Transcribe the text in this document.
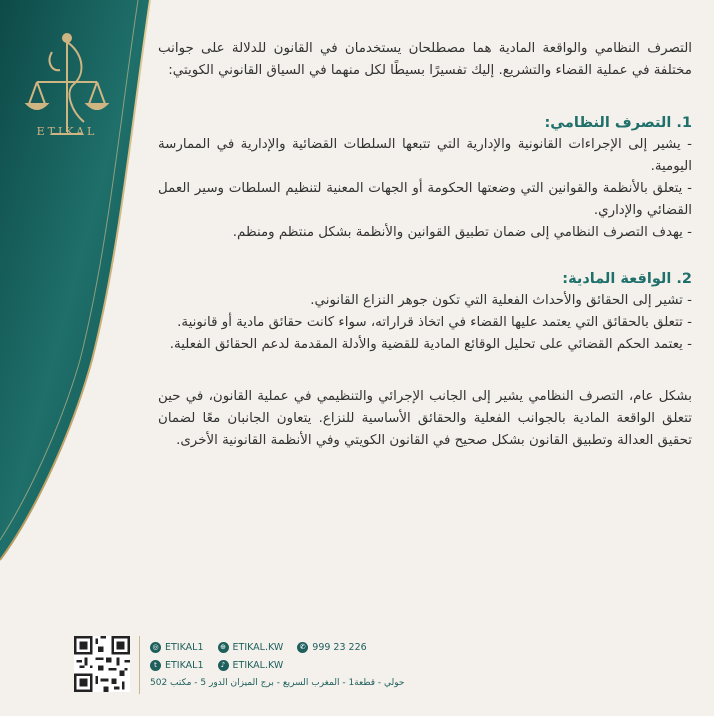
ETIKAL

التصرف النظامي والواقعة المادية هما مصطلحان يستخدمان في القانون للدلالة على جوانب مختلفة في عملية القضاء والتشريع. إليك تفسيرًا بسيطًا لكل منهما في السياق القانوني الكويتي:

1. التصرف النظامي:

- يشير إلى الإجراءات القانونية والإدارية التي تتبعها السلطات القضائية والإدارية في الممارسة اليومية.

- يتعلق بالأنظمة والقوانين التي وضعتها الحكومة أو الجهات المعنية لتنظيم السلطات وسير العمل القضائي والإداري.

- يهدف التصرف النظامي إلى ضمان تطبيق القوانين والأنظمة بشكل منتظم ومنظم.

2. الواقعة المادية:

- تشير إلى الحقائق والأحداث الفعلية التي تكون جوهر النزاع القانوني.

- تتعلق بالحقائق التي يعتمد عليها القضاء في اتخاذ قراراته، سواء كانت حقائق مادية أو قانونية.

- يعتمد الحكم القضائي على تحليل الوقائع المادية للقضية والأدلة المقدمة لدعم الحقائق الفعلية.

بشكل عام، التصرف النظامي يشير إلى الجانب الإجرائي والتنظيمي في عملية القانون، في حين تتعلق الواقعة المادية بالجوانب الفعلية والحقائق الأساسية للنزاع. يتعاون الجانبان معًا لضمان تحقيق العدالة وتطبيق القانون بشكل صحيح في القانون الكويتي وفي الأنظمة القانونية الأخرى.

◎ ETIKAL1	⊕ ETIKAL.KW	✆ 999 23 226
t ETIKAL1	♪ ETIKAL.KW
حولي - قطعة1 - المغرب السريع - برج الميزان الدور 5 - مكتب 502
